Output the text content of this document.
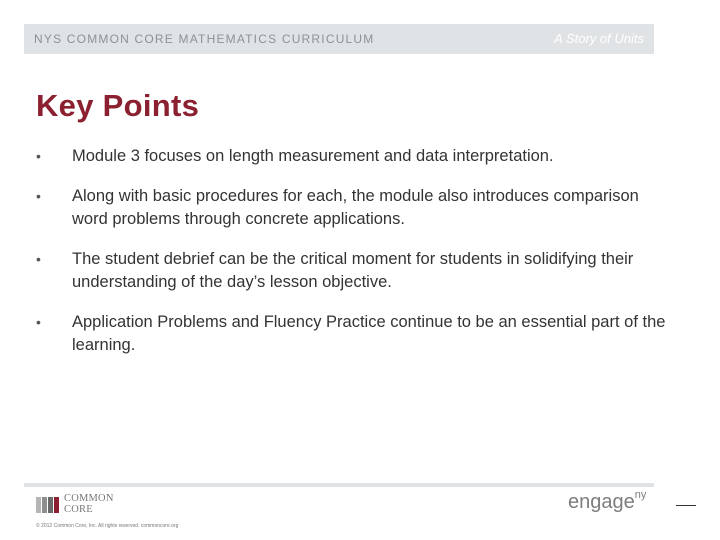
NYS COMMON CORE MATHEMATICS CURRICULUM	A Story of Units
Key Points
• Module 3 focuses on length measurement and data interpretation.
• Along with basic procedures for each, the module also introduces comparison word problems through concrete applications.
• The student debrief can be the critical moment for students in solidifying their understanding of the day’s lesson objective.
• Application Problems and Fluency Practice continue to be an essential part of the learning.
COMMON
CORE
© 2012 Common Core, Inc. All rights reserved. commoncore.org
engage$^{ny}$
